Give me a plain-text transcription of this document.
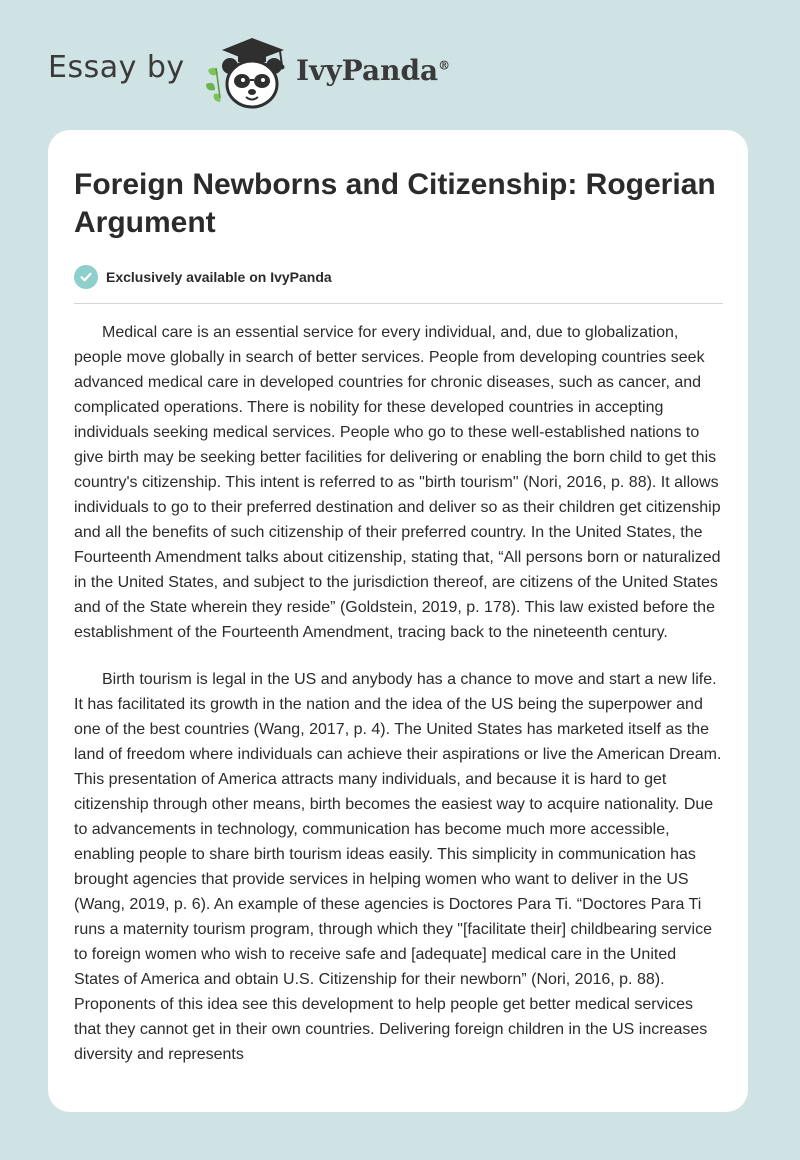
Essay by	IvyPanda®
Foreign Newborns and Citizenship: Rogerian Argument
Exclusively available on IvyPanda

Medical care is an essential service for every individual, and, due to globalization, people move globally in search of better services. People from developing countries seek advanced medical care in developed countries for chronic diseases, such as cancer, and complicated operations. There is nobility for these developed countries in accepting individuals seeking medical services. People who go to these well-established nations to give birth may be seeking better facilities for delivering or enabling the born child to get this country's citizenship. This intent is referred to as "birth tourism" (Nori, 2016, p. 88). It allows individuals to go to their preferred destination and deliver so as their children get citizenship and all the benefits of such citizenship of their preferred country. In the United States, the Fourteenth Amendment talks about citizenship, stating that, “All persons born or naturalized in the United States, and subject to the jurisdiction thereof, are citizens of the United States and of the State wherein they reside” (Goldstein, 2019, p. 178). This law existed before the establishment of the Fourteenth Amendment, tracing back to the nineteenth century.

Birth tourism is legal in the US and anybody has a chance to move and start a new life. It has facilitated its growth in the nation and the idea of the US being the superpower and one of the best countries (Wang, 2017, p. 4). The United States has marketed itself as the land of freedom where individuals can achieve their aspirations or live the American Dream. This presentation of America attracts many individuals, and because it is hard to get citizenship through other means, birth becomes the easiest way to acquire nationality. Due to advancements in technology, communication has become much more accessible, enabling people to share birth tourism ideas easily. This simplicity in communication has brought agencies that provide services in helping women who want to deliver in the US (Wang, 2019, p. 6). An example of these agencies is Doctores Para Ti. “Doctores Para Ti runs a maternity tourism program, through which they "[facilitate their] childbearing service to foreign women who wish to receive safe and [adequate] medical care in the United States of America and obtain U.S. Citizenship for their newborn” (Nori, 2016, p. 88). Proponents of this idea see this development to help people get better medical services that they cannot get in their own countries. Delivering foreign children in the US increases diversity and represents
